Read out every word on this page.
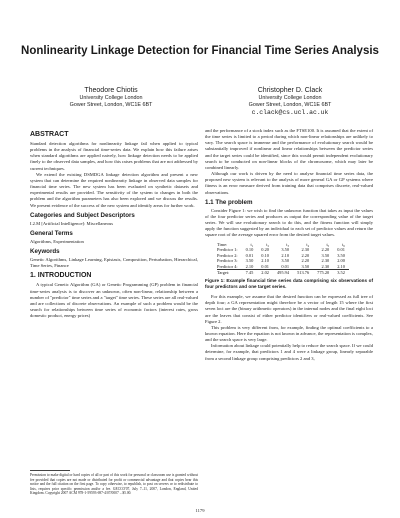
Nonlinearity Linkage Detection for Financial Time Series Analysis
Theodore Chiotis
University College London
Gower Street, London, WC1E 6BT
Christopher D. Clack
University College London
Gower Street, London, WC1E 6BT
c.clack@cs.ucl.ac.uk
ABSTRACT

Standard detection algorithms for nonlinearity linkage fail when applied to typical problems in the analysis of financial time-series data. We explain how this failure arises when standard algorithms are applied naively, how linkage detection needs to be applied finely to the observed data samples, and how this raises problems that are not addressed by current techniques.

We extend the existing DSMDGA linkage detection algorithm and present a new system that can determine the required nonlinearity linkage in observed data samples for financial time series. The new system has been evaluated on synthetic datasets and experimental results are provided. The sensitivity of the system to changes in both the problem and the algorithm parameters has also been explored and we discuss the results. We present evidence of the success of the new system and identify areas for further work.

Categories and Subject Descriptors

I.2.M [Artificial Intelligence]: Miscellaneous

General Terms

Algorithms, Experimentation

Keywords

Genetic Algorithms, Linkage Learning, Epistasis, Composition, Perturbation, Hierarchical, Time Series, Finance

1. INTRODUCTION

A typical Genetic Algorithm (GA) or Genetic Programming (GP) problem in financial time-series analysis is to discover an unknown, often non-linear, relationship between a number of "predictor" time series and a "target" time series. These series are all real-valued and are collections of discrete observations. An example of such a problem would be the search for relationships between time series of economic factors (interest rates, gross domestic product, energy prices)

Permission to make digital or hard copies of all or part of this work for personal or classroom use is granted without fee provided that copies are not made or distributed for profit or commercial advantage and that copies bear this notice and the full citation on the first page. To copy otherwise, to republish, to post on servers or to redistribute to lists, requires prior specific permission and/or a fee. GECCO'07, July 7–11, 2007, London, England, United Kingdom. Copyright 2007 ACM 978-1-59593-697-4/07/0007 ...$5.00.

and the performance of a stock index such as the FTSE100. It is assumed that the extent of the time series is limited to a period during which non-linear relationships are unlikely to vary. The search space is immense and the performance of evolutionary search would be substantially improved if nonlinear and linear relationships between the predictor series and the target series could be identified, since this would permit independent evolutionary search to be conducted on non-linear blocks of the chromosome, which may later be combined linearly.

Although our work is driven by the need to analyse financial time series data, the proposed new system is relevant to the analysis of more general GA or GP systems where fitness is an error measure derived from training data that comprises discrete, real-valued observations.

1.1 The problem

Consider Figure 1: we wish to find the unknown function that takes as input the values of the four predictor series and produces as output the corresponding value of the target series. We will use evolutionary search to do this, and the fitness function will simply apply the function suggested by an individual to each set of predictor values and return the square root of the average squared error from the desired target values.

Time:	t₁	t₂	t₃	t₄	t₅	t₆
Predictor 1:	0.10	0.20	3.50	2.30	2.20	0.01
Predictor 2:	0.01	0.10	2.10	2.20	3.50	3.50
Predictor 3:	3.50	2.10	3.50	2.20	2.30	2.00
Predictor 4:	2.10	0.01	0.01	3.50	2.30	2.10
Target:	7.45	2.02	495.94	513.76	775.20	3.52
Figure 1: Example financial time series data comprising six observations of four predictors and one target series.

For this example, we assume that the desired function can be expressed as full tree of depth four; a GA representation might therefore be a vector of length 15 where the first seven loci are the (binary arithmetic operators) in the internal nodes and the final eight loci are the leaves that consist of either predictor identifiers or real-valued coefficients. See Figure 2.

This problem is very different from, for example, finding the optimal coefficients to a known equation. Here the equation is not known in advance, the representation is complex, and the search space is very large.

Information about linkage could potentially help to reduce the search space. If we could determine, for example, that predictors 1 and 4 were a linkage group, linearly separable from a second linkage group comprising predictors 2 and 3,

1179
